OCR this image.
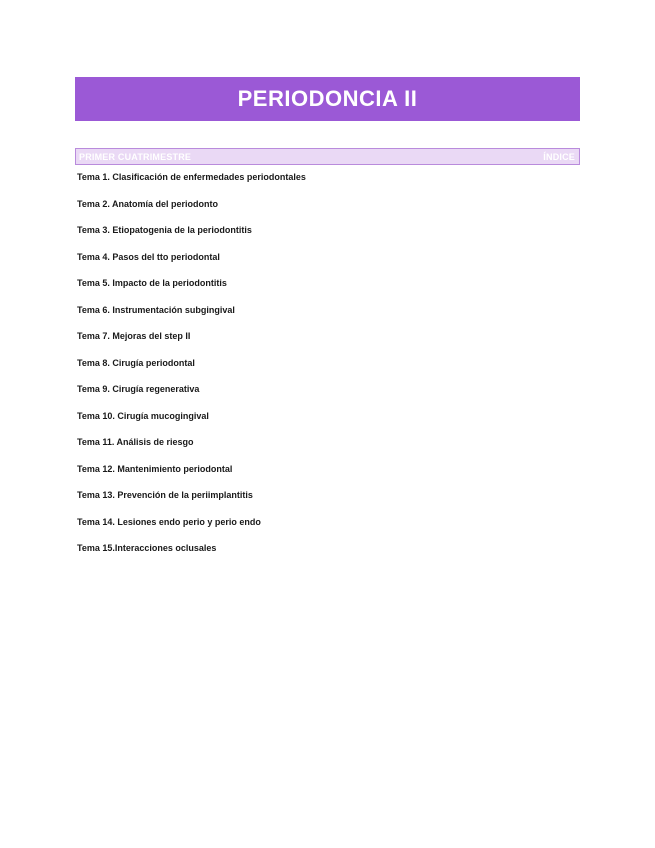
PERIODONCIA II
PRIMER CUATRIMESTRE	ÍNDICE
Tema 1. Clasificación de enfermedades periodontales
Tema 2. Anatomía del periodonto
Tema 3. Etiopatogenia de la periodontitis
Tema 4. Pasos del tto periodontal
Tema 5. Impacto de la periodontitis
Tema 6. Instrumentación subgingival
Tema 7. Mejoras del step II
Tema 8. Cirugía periodontal
Tema 9. Cirugía regenerativa
Tema 10. Cirugía mucogingival
Tema 11. Análisis de riesgo
Tema 12. Mantenimiento periodontal
Tema 13. Prevención de la periimplantitis
Tema 14. Lesiones endo perio y perio endo
Tema 15.Interacciones oclusales
